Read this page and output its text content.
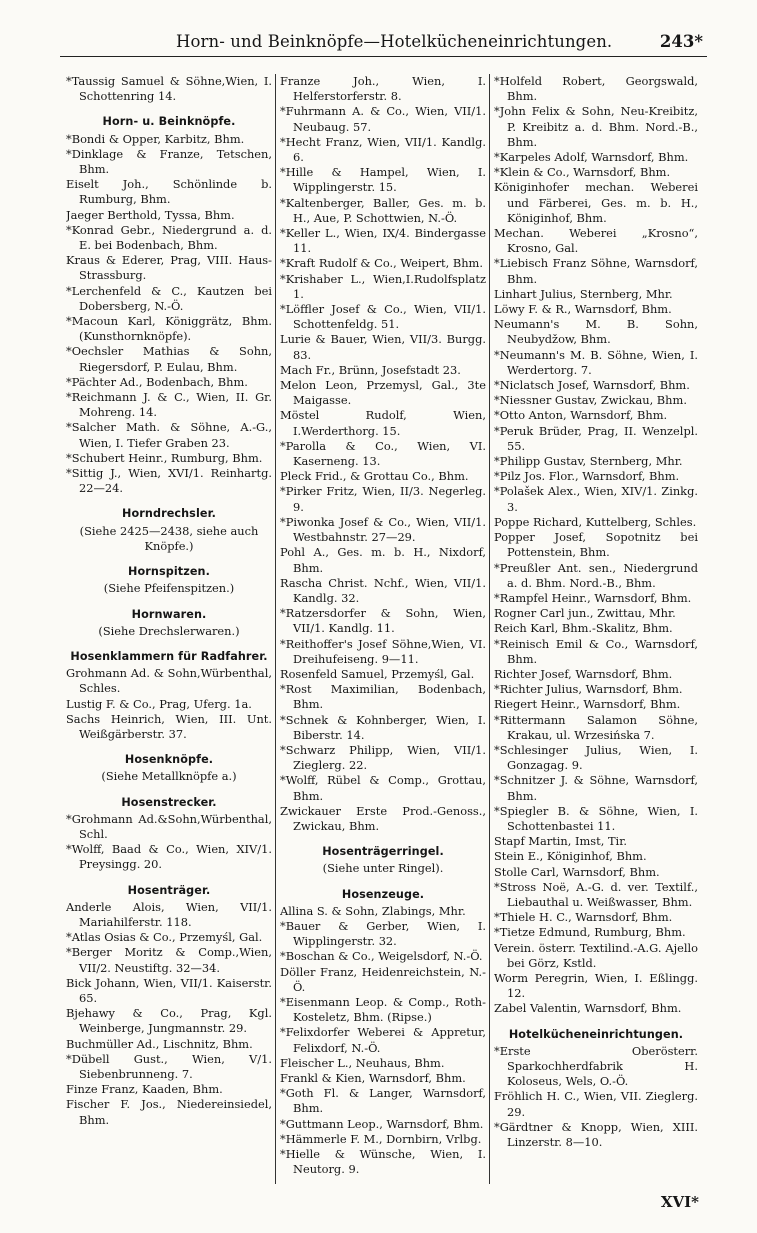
Horn- und Beinknöpfe—Hotelkücheneinrichtungen.	243*
*Taussig Samuel & Söhne,Wien, I. Schottenring 14.
Horn- u. Beinknöpfe.
*Bondi & Opper, Karbitz, Bhm.
*Dinklage & Franze, Tetschen, Bhm.
Eiselt Joh., Schönlinde b. Rumburg, Bhm.
Jaeger Berthold, Tyssa, Bhm.
*Konrad Gebr., Niedergrund a. d. E. bei Bodenbach, Bhm.
Kraus & Ederer, Prag, VIII. Haus-Strassburg.
*Lerchenfeld & C., Kautzen bei Dobersberg, N.-Ö.
*Macoun Karl, Königgrätz, Bhm. (Kunsthornknöpfe).
*Oechsler Mathias & Sohn, Riegersdorf, P. Eulau, Bhm.
*Pächter Ad., Bodenbach, Bhm.
*Reichmann J. & C., Wien, II. Gr. Mohreng. 14.
*Salcher Math. & Söhne, A.-G., Wien, I. Tiefer Graben 23.
*Schubert Heinr., Rumburg, Bhm.
*Sittig J., Wien, XVI/1. Reinhartg. 22—24.
Horndrechsler.
(Siehe 2425—2438, siehe auch Knöpfe.)
Hornspitzen.
(Siehe Pfeifenspitzen.)
Hornwaren.
(Siehe Drechslerwaren.)
Hosenklammern für Radfahrer.
Grohmann Ad. & Sohn,Würbenthal, Schles.
Lustig F. & Co., Prag, Uferg. 1a.
Sachs Heinrich, Wien, III. Unt. Weißgärberstr. 37.
Hosenknöpfe.
(Siehe Metallknöpfe a.)
Hosenstrecker.
*Grohmann Ad.&Sohn,Würbenthal, Schl.
*Wolff, Baad & Co., Wien, XIV/1. Preysingg. 20.
Hosenträger.
Anderle Alois, Wien, VII/1. Mariahilferstr. 118.
*Atlas Osias & Co., Przemyśl, Gal.
*Berger Moritz & Comp.,Wien, VII/2. Neustiftg. 32—34.
Bick Johann, Wien, VII/1. Kaiserstr. 65.
Bjehawy & Co., Prag, Kgl. Weinberge, Jungmannstr. 29.
Buchmüller Ad., Lischnitz, Bhm.
*Dübell Gust., Wien, V/1. Siebenbrunneng. 7.
Finze Franz, Kaaden, Bhm.
Fischer F. Jos., Niedereinsiedel, Bhm.
Franze Joh., Wien, I. Helferstorferstr. 8.
*Fuhrmann A. & Co., Wien, VII/1. Neubaug. 57.
*Hecht Franz, Wien, VII/1. Kandlg. 6.
*Hille & Hampel, Wien, I. Wipplingerstr. 15.
*Kaltenberger, Baller, Ges. m. b. H., Aue, P. Schottwien, N.-Ö.
*Keller L., Wien, IX/4. Bindergasse 11.
*Kraft Rudolf & Co., Weipert, Bhm.
*Krishaber L., Wien,I.Rudolfsplatz 1.
*Löffler Josef & Co., Wien, VII/1. Schottenfeldg. 51.
Lurie & Bauer, Wien, VII/3. Burgg. 83.
Mach Fr., Brünn, Josefstadt 23.
Melon Leon, Przemysl, Gal., 3te Maigasse.
Möstel Rudolf, Wien, I.Werderthorg. 15.
*Parolla & Co., Wien, VI. Kaserneng. 13.
Pleck Frid., & Grottau Co., Bhm.
*Pirker Fritz, Wien, II/3. Negerleg. 9.
*Piwonka Josef & Co., Wien, VII/1. Westbahnstr. 27—29.
Pohl A., Ges. m. b. H., Nixdorf, Bhm.
Rascha Christ. Nchf., Wien, VII/1. Kandlg. 32.
*Ratzersdorfer & Sohn, Wien, VII/1. Kandlg. 11.
*Reithoffer's Josef Söhne,Wien, VI. Dreihufeiseng. 9—11.
Rosenfeld Samuel, Przemyśl, Gal.
*Rost Maximilian, Bodenbach, Bhm.
*Schnek & Kohnberger, Wien, I. Biberstr. 14.
*Schwarz Philipp, Wien, VII/1. Zieglerg. 22.
*Wolff, Rübel & Comp., Grottau, Bhm.
Zwickauer Erste Prod.-Genoss., Zwickau, Bhm.
Hosenträgerringel.
(Siehe unter Ringel).
Hosenzeuge.
Allina S. & Sohn, Zlabings, Mhr.
*Bauer & Gerber, Wien, I. Wipplingerstr. 32.
*Boschan & Co., Weigelsdorf, N.-Ö.
Döller Franz, Heidenreichstein, N.-Ö.
*Eisenmann Leop. & Comp., Roth-Kosteletz, Bhm. (Ripse.)
*Felixdorfer Weberei & Appretur, Felixdorf, N.-Ö.
Fleischer L., Neuhaus, Bhm.
Frankl & Kien, Warnsdorf, Bhm.
*Goth Fl. & Langer, Warnsdorf, Bhm.
*Guttmann Leop., Warnsdorf, Bhm.
*Hämmerle F. M., Dornbirn, Vrlbg.
*Hielle & Wünsche, Wien, I. Neutorg. 9.
*Holfeld Robert, Georgswald, Bhm.
*John Felix & Sohn, Neu-Kreibitz, P. Kreibitz a. d. Bhm. Nord.-B., Bhm.
*Karpeles Adolf, Warnsdorf, Bhm.
*Klein & Co., Warnsdorf, Bhm.
Königinhofer mechan. Weberei und Färberei, Ges. m. b. H., Königinhof, Bhm.
Mechan. Weberei „Krosno“, Krosno, Gal.
*Liebisch Franz Söhne, Warnsdorf, Bhm.
Linhart Julius, Sternberg, Mhr.
Löwy F. & R., Warnsdorf, Bhm.
Neumann's M. B. Sohn, Neubydžow, Bhm.
*Neumann's M. B. Söhne, Wien, I. Werdertorg. 7.
*Niclatsch Josef, Warnsdorf, Bhm.
*Niessner Gustav, Zwickau, Bhm.
*Otto Anton, Warnsdorf, Bhm.
*Peruk Brüder, Prag, II. Wenzelpl. 55.
*Philipp Gustav, Sternberg, Mhr.
*Pilz Jos. Flor., Warnsdorf, Bhm.
*Polašek Alex., Wien, XIV/1. Zinkg. 3.
Poppe Richard, Kuttelberg, Schles.
Popper Josef, Sopotnitz bei Pottenstein, Bhm.
*Preußler Ant. sen., Niedergrund a. d. Bhm. Nord.-B., Bhm.
*Rampfel Heinr., Warnsdorf, Bhm.
Rogner Carl jun., Zwittau, Mhr.
Reich Karl, Bhm.-Skalitz, Bhm.
*Reinisch Emil & Co., Warnsdorf, Bhm.
Richter Josef, Warnsdorf, Bhm.
*Richter Julius, Warnsdorf, Bhm.
Riegert Heinr., Warnsdorf, Bhm.
*Rittermann Salamon Söhne, Krakau, ul. Wrzesińska 7.
*Schlesinger Julius, Wien, I. Gonzagag. 9.
*Schnitzer J. & Söhne, Warnsdorf, Bhm.
*Spiegler B. & Söhne, Wien, I. Schottenbastei 11.
Stapf Martin, Imst, Tir.
Stein E., Königinhof, Bhm.
Stolle Carl, Warnsdorf, Bhm.
*Stross Noë, A.-G. d. ver. Textilf., Liebauthal u. Weißwasser, Bhm.
*Thiele H. C., Warnsdorf, Bhm.
*Tietze Edmund, Rumburg, Bhm.
Verein. österr. Textilind.-A.G. Ajello bei Görz, Kstld.
Worm Peregrin, Wien, I. Eßlingg. 12.
Zabel Valentin, Warnsdorf, Bhm.
Hotelkücheneinrichtungen.
*Erste Oberösterr. Sparkochherdfabrik H. Koloseus, Wels, O.-Ö.
Fröhlich H. C., Wien, VII. Zieglerg. 29.
*Gärdtner & Knopp, Wien, XIII. Linzerstr. 8—10.
XVI*
